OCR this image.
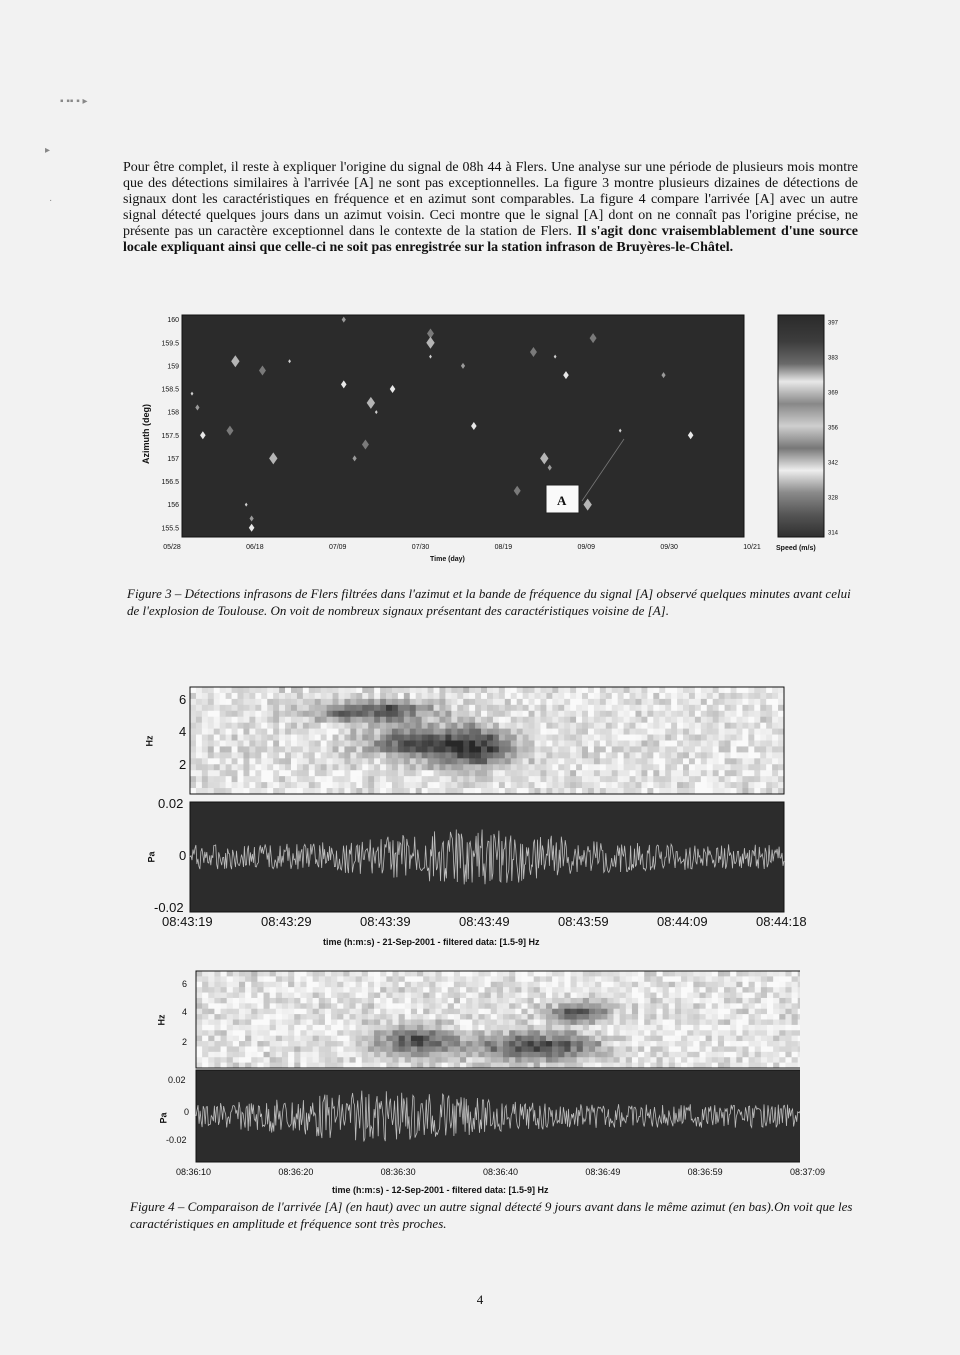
▪ ▪▪ ▪ ▸
▸
·
Pour être complet, il reste à expliquer l'origine du signal de 08h 44 à Flers. Une analyse sur une période de plusieurs mois montre que des détections similaires à l'arrivée [A] ne sont pas exceptionnelles. La figure 3 montre plusieurs dizaines de détections de signaux dont les caractéristiques en fréquence et en azimut sont comparables. La figure 4 compare l'arrivée [A] avec un autre signal détecté quelques jours dans un azimut voisin. Ceci montre que le signal [A] dont on ne connaît pas l'origine précise, ne présente pas un caractère exceptionnel dans le contexte de la station de Flers. Il s'agit donc vraisemblablement d'une source locale expliquant ainsi que celle-ci ne soit pas enregistrée sur la station infrason de Bruyères-le-Châtel.
160
159.5
159
158.5
158
157.5
157
156.5
156
155.5
05/28	06/18	07/09	07/30	08/19	09/09	09/30	10/21
Azimuth (deg)
Time (day)
A
397
383
369
356
342
328
314
Speed (m/s)
Figure 3 – Détections infrasons de Flers filtrées dans l'azimut et la bande de fréquence du signal [A] observé quelques minutes avant celui de l'explosion de Toulouse. On voit de nombreux signaux présentant des caractéristiques voisine de [A].
6
4
2
Hz
0.02
0
-0.02
Pa
08:43:19	08:43:29	08:43:39	08:43:49	08:43:59	08:44:09	08:44:18
time (h:m:s) - 21-Sep-2001 - filtered data: [1.5-9] Hz
6
4
2
Hz
0.02
0
-0.02
Pa
08:36:10	08:36:20	08:36:30	08:36:40	08:36:49	08:36:59	08:37:09
time (h:m:s) - 12-Sep-2001 - filtered data: [1.5-9] Hz
Figure 4 – Comparaison de l'arrivée [A] (en haut) avec un autre signal détecté 9 jours avant dans le même azimut (en bas).On voit que les caractéristiques en amplitude et fréquence sont très proches.
4
